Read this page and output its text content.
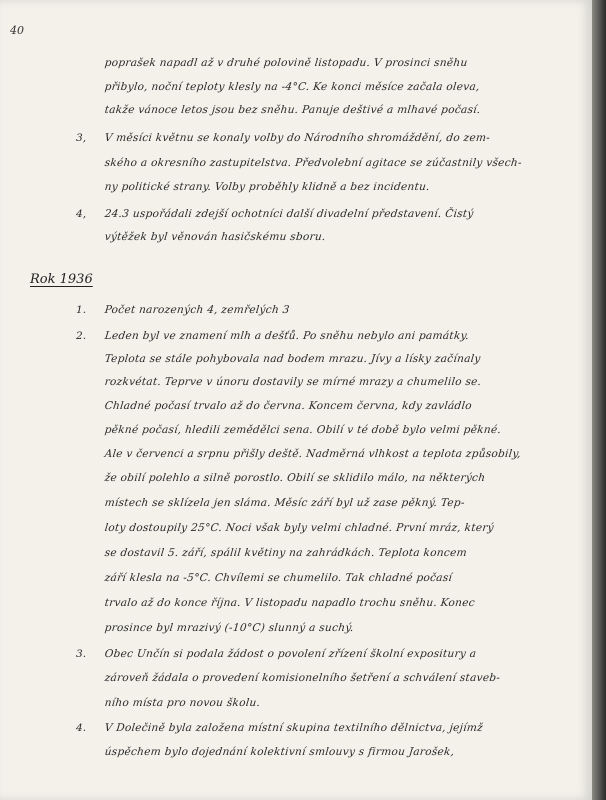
40
poprašek napadl až v druhé polovině listopadu. V prosinci sněhu
přibylo, noční teploty klesly na -4°C. Ke konci měsíce začala oleva,
takže vánoce letos jsou bez sněhu. Panuje deštivé a mlhavé počasí.
3, V měsíci květnu se konaly volby do Národního shromáždění, do zem-
ského a okresního zastupitelstva. Předvolební agitace se zúčastnily všech-
ny politické strany. Volby proběhly klidně a bez incidentu.
4, 24.3 uspořádali zdejší ochotníci další divadelní představení. Čistý
výtěžek byl věnován hasičskému sboru.
Rok 1936
1. Počet narozených 4, zemřelých 3
2. Leden byl ve znamení mlh a dešťů. Po sněhu nebylo ani památky.
Teplota se stále pohybovala nad bodem mrazu. Jívy a lísky začínaly
rozkvétat. Teprve v únoru dostavily se mírné mrazy a chumelilo se.
Chladné počasí trvalo až do června. Koncem června, kdy zavládlo
pěkné počasí, hledili zemědělci sena. Obilí v té době bylo velmi pěkné.
Ale v červenci a srpnu přišly deště. Nadměrná vlhkost a teplota způsobily,
že obilí polehlo a silně porostlo. Obilí se sklidilo málo, na některých
místech se sklízela jen sláma. Měsíc září byl už zase pěkný. Tep-
loty dostoupily 25°C. Noci však byly velmi chladné. První mráz, který
se dostavil 5. září, spálil květiny na zahrádkách. Teplota koncem
září klesla na -5°C. Chvílemi se chumelilo. Tak chladné počasí
trvalo až do konce října. V listopadu napadlo trochu sněhu. Konec
prosince byl mrazivý (-10°C) slunný a suchý.
3. Obec Unčín si podala žádost o povolení zřízení školní expositury a
zároveň žádala o provedení komisionelního šetření a schválení staveb-
ního místa pro novou školu.
4. V Dolečině byla založena místní skupina textilního dělnictva, jejímž
úspěchem bylo dojednání kolektivní smlouvy s firmou Jarošek,
